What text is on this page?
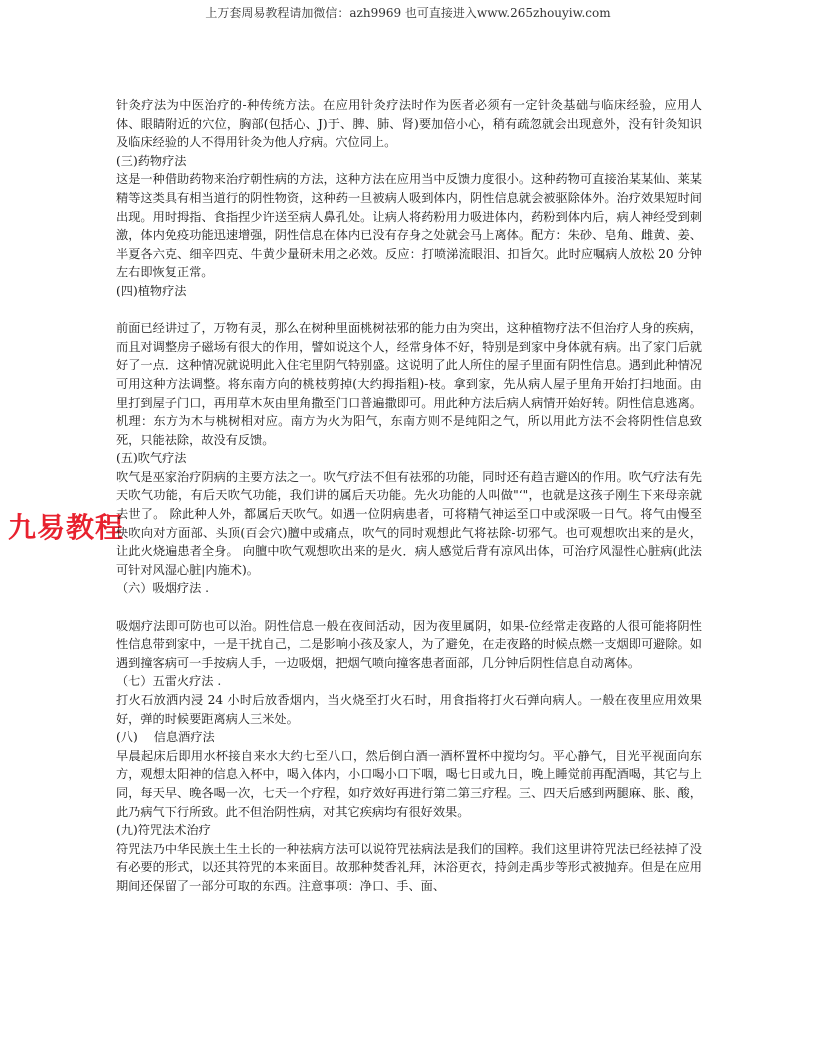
上万套周易教程请加微信：azh9969 也可直接进入www.265zhouyiw.com
九易教程

针灸疗法为中医治疗的-种传统方法。在应用针灸疗法时作为医者必须有一定针灸基础与临床经验，应用人体、眼睛附近的穴位，胸部(包括心、J)于、脾、肺、肾)要加倍小心，稍有疏忽就会出现意外，没有针灸知识及临床经验的人不得用针灸为他人疗病。穴位同上。

(三)药物疗法

这是一种借助药物来治疗朝性病的方法，这种方法在应用当中反馈力度很小。这种药物可直接治某某仙、莱某精等这类具有相当道行的阴性物资，这种药一旦被病人吸到体内，阴性信息就会被驱除体外。治疗效果短时间出现。用时拇指、食指捏少许送至病人鼻孔处。让病人将药粉用力吸进体内，药粉到体内后，病人神经受到刺激，体内免疫功能迅速增强，阴性信息在体内已没有存身之处就会马上离体。配方：朱砂、皂角、雌黄、姜、半夏各六克、细辛四克、牛黄少量研未用之必效。反应：打喷涕流眼泪、扣旨欠。此时应嘱病人放松 20 分钟左右即恢复正常。

(四)植物疗法

前面已经讲过了，万物有灵，那么在树种里面桃树祛邪的能力由为突出，这种植物疗法不但治疗人身的疾病，而且对调整房子磁场有很大的作用，譬如说这个人，经常身体不好，特别是到家中身体就有病。出了家门后就好了一点．这种情况就说明此入住宅里阴气特别盛。这说明了此人所住的屋子里面有阴性信息。遇到此种情况可用这种方法调整。将东南方向的桃枝剪掉(大约拇指粗)-枝。拿到家，先从病人屋子里角开始打扫地面。由里打到屋子门口，再用草木灰由里角撒至门口普遍撒即可。用此种方法后病人病情开始好转。阴性信息逃离。机理：东方为木与桃树相对应。南方为火为阳气，东南方则不是纯阳之气，所以用此方法不会将阴性信息致死，只能祛除，故没有反馈。

(五)吹气疗法

吹气是巫家治疗阴病的主要方法之一。吹气疗法不但有祛邪的功能，同时还有趋吉避凶的作用。吹气疗法有先天吹气功能，有后天吹气功能，我们讲的属后天功能。先火功能的人叫做"‘"，也就是这孩子刚生下来母亲就去世了。 除此种人外，都属后天吹气。如遇一位阴病患者，可将精气神运至口中或深吸一日气。将气由慢至快吹向对方面部、头顶(百会穴)膻中或痛点，吹气的同时观想此气将祛除-切邪气。也可观想吹出来的是火，让此火烧遍患者全身。 向膻中吹气观想吹出来的是火．病人感觉后背有凉风出体，可治疗风湿性心脏病(此法可针对风湿心脏|内施术)。

（六）吸烟疗法 .

吸烟疗法即可防也可以治。阴性信息一般在夜间活动，因为夜里属阴，如果-位经常走夜路的人很可能将阴性性信息带到家中，一是干扰自己，二是影响小孩及家人，为了避免，在走夜路的时候点燃一支烟即可避除。如遇到撞客病可一手按病人手，一边吸烟，把烟气喷向撞客患者面部，几分钟后阴性信息自动离体。

（七）五雷火疗法 .

打火石放洒内浸 24 小时后放香烟内，当火烧至打火石时，用食指将打火石弹向病人。一般在夜里应用效果好，弹的时候要距离病人三米处。

(八)　 信息酒疗法

早晨起床后即用水杯接自来水大约七至八口，然后倒白酒一酒杯置杯中搅均匀。平心静气，目光平视面向东方，观想太阳神的信息入杯中，喝入体内，小口喝小口下咽，喝七日或九日，晚上睡觉前再配酒喝，其它与上同，每天早、晚各喝一次，七天一个疗程，如疗效好再进行第二第三疗程。三、四天后感到两腿麻、胀、酸，此乃病气下行所致。此不但治阴性病，对其它疾病均有很好效果。

(九)符咒法术治疗

符咒法乃中华民族土生土长的一种祛病方法可以说符咒祛病法是我们的国粹。我们这里讲符咒法已经祛掉了没有必要的形式，以还其符咒的本来面目。故那种焚香礼拜，沐浴更衣，持剑走禹步等形式被抛弃。但是在应用期间还保留了一部分可取的东西。注意事项：净口、手、面、
